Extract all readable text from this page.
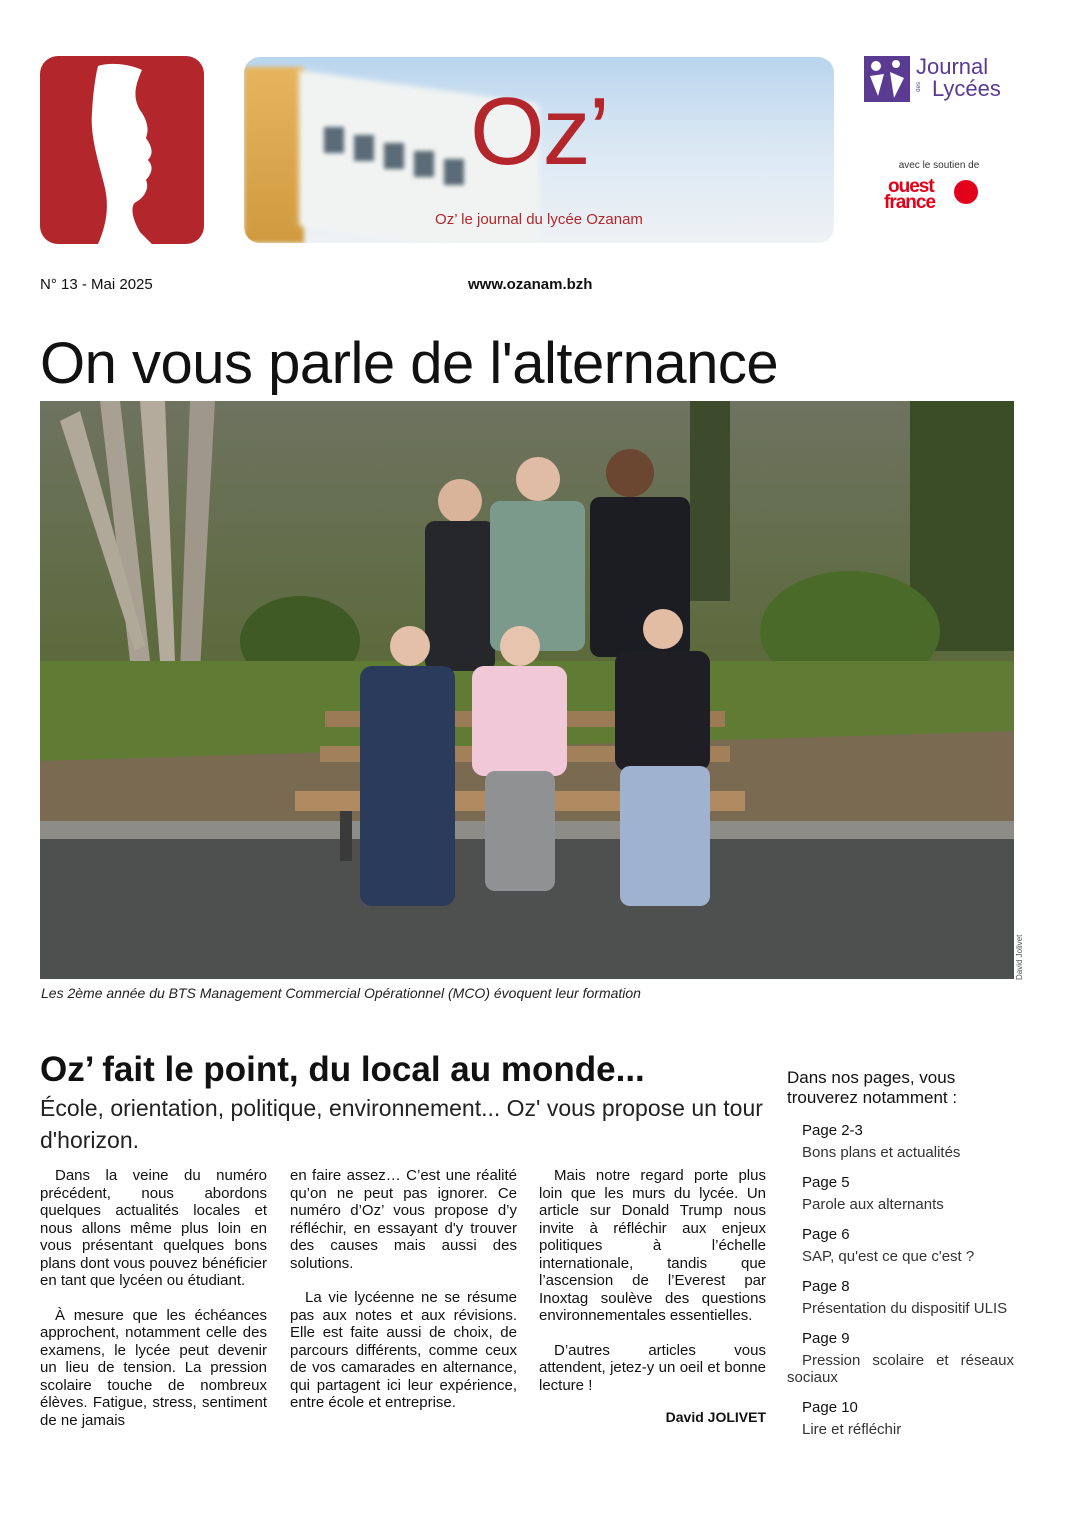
Oz’
Oz’ le journal du lycée Ozanam
Journal
des Lycées
avec le soutien de
ouest
france
N° 13 - Mai 2025	www.ozanam.bzh
On vous parle de l'alternance
David Jolivet
Les 2ème année du BTS Management Commercial Opérationnel (MCO) évoquent leur formation
Oz’ fait le point, du local au monde...
École, orientation, politique, environnement... Oz' vous propose un tour d'horizon.

Dans la veine du numéro précédent, nous abordons quelques actualités locales et nous allons même plus loin en vous présentant quelques bons plans dont vous pouvez bénéficier en tant que lycéen ou étudiant.

À mesure que les échéances approchent, notamment celle des examens, le lycée peut devenir un lieu de tension. La pression scolaire touche de nombreux élèves. Fatigue, stress, sentiment de ne jamais

en faire assez… C’est une réalité qu’on ne peut pas ignorer. Ce numéro d’Oz’ vous propose d’y réfléchir, en essayant d'y trouver des causes mais aussi des solutions.

La vie lycéenne ne se résume pas aux notes et aux révisions. Elle est faite aussi de choix, de parcours différents, comme ceux de vos camarades en alternance, qui partagent ici leur expérience, entre école et entreprise.

Mais notre regard porte plus loin que les murs du lycée. Un article sur Donald Trump nous invite à réfléchir aux enjeux politiques à l’échelle internationale, tandis que l’ascension de l’Everest par Inoxtag soulève des questions environnementales essentielles.

D’autres articles vous attendent, jetez-y un oeil et bonne lecture !

David JOLIVET
Dans nos pages, vous trouverez notamment :
Page 2-3
Bons plans et actualités
Page 5
Parole aux alternants
Page 6
SAP, qu'est ce que c'est ?
Page 8
Présentation du dispositif ULIS
Page 9
Pression scolaire et réseaux sociaux
Page 10
Lire et réfléchir
